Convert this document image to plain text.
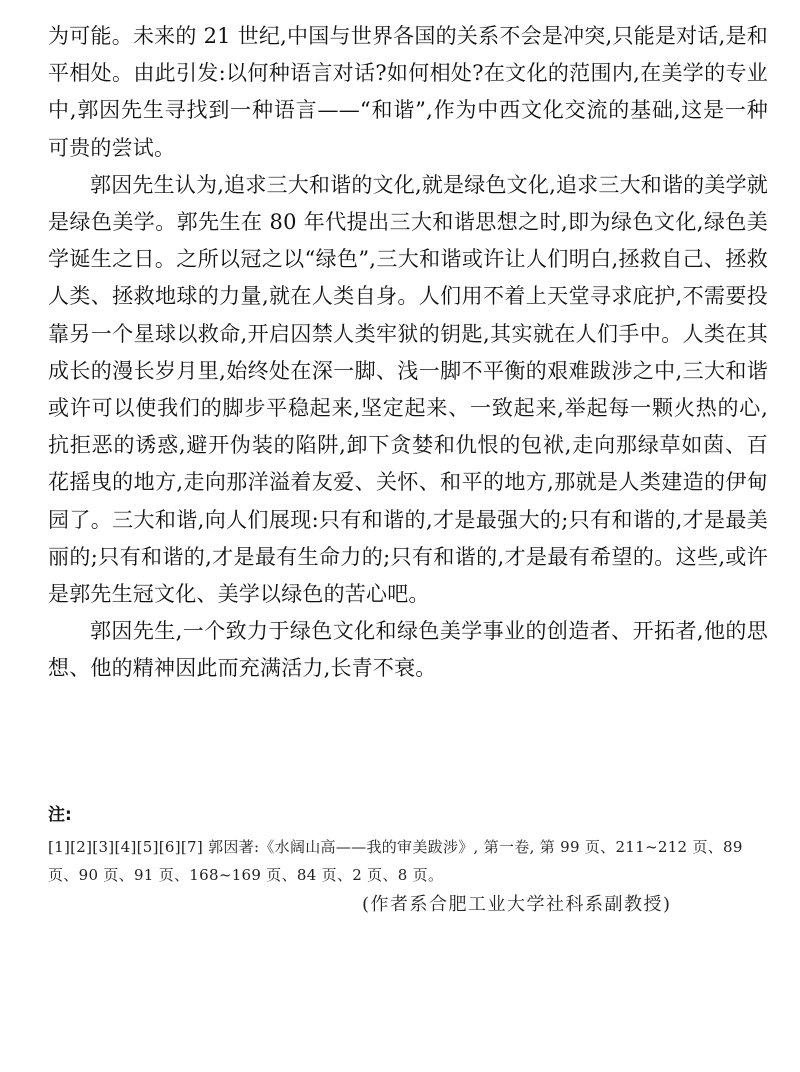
为可能。未来的 21 世纪,中国与世界各国的关系不会是冲突,只能是对话,是和平相处。由此引发:以何种语言对话?如何相处?在文化的范围内,在美学的专业中,郭因先生寻找到一种语言——“和谐”,作为中西文化交流的基础,这是一种可贵的尝试。

郭因先生认为,追求三大和谐的文化,就是绿色文化,追求三大和谐的美学就是绿色美学。郭先生在 80 年代提出三大和谐思想之时,即为绿色文化,绿色美学诞生之日。之所以冠之以“绿色”,三大和谐或许让人们明白,拯救自己、拯救人类、拯救地球的力量,就在人类自身。人们用不着上天堂寻求庇护,不需要投靠另一个星球以救命,开启囚禁人类牢狱的钥匙,其实就在人们手中。人类在其成长的漫长岁月里,始终处在深一脚、浅一脚不平衡的艰难跋涉之中,三大和谐或许可以使我们的脚步平稳起来,坚定起来、一致起来,举起每一颗火热的心,抗拒恶的诱惑,避开伪装的陷阱,卸下贪婪和仇恨的包袱,走向那绿草如茵、百花摇曳的地方,走向那洋溢着友爱、关怀、和平的地方,那就是人类建造的伊甸园了。三大和谐,向人们展现:只有和谐的,才是最强大的;只有和谐的,才是最美丽的;只有和谐的,才是最有生命力的;只有和谐的,才是最有希望的。这些,或许是郭先生冠文化、美学以绿色的苦心吧。

郭因先生,一个致力于绿色文化和绿色美学事业的创造者、开拓者,他的思想、他的精神因此而充满活力,长青不衰。

注:

[1][2][3][4][5][6][7] 郭因著:《水阔山高——我的审美跋涉》, 第一卷, 第 99 页、211~212 页、89 页、90 页、91 页、168~169 页、84 页、2 页、8 页。

(作者系合肥工业大学社科系副教授)
